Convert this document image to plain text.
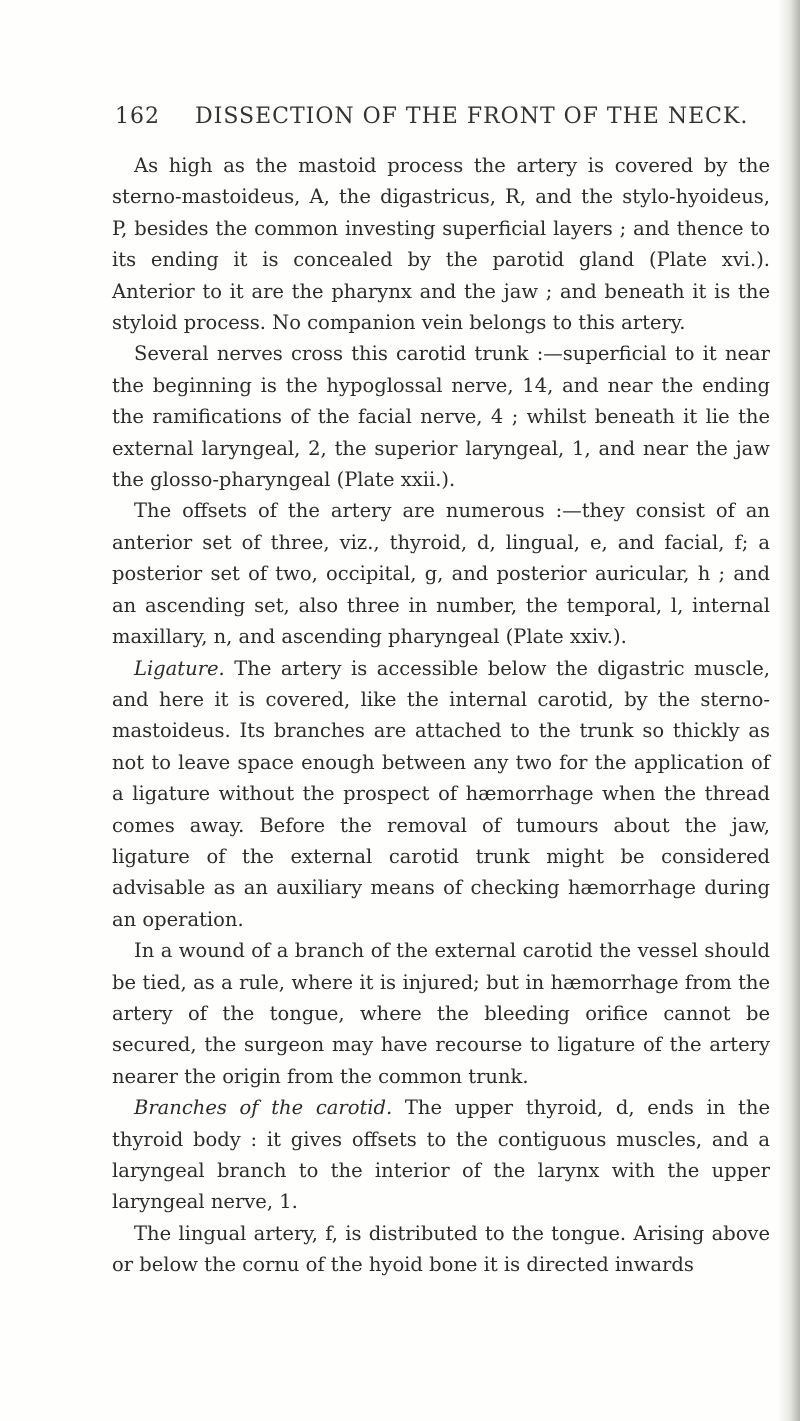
162 DISSECTION OF THE FRONT OF THE NECK.

As high as the mastoid process the artery is covered by the sterno-mastoideus, A, the digastricus, R, and the stylo-hyoideus, P, besides the common investing superficial layers ; and thence to its ending it is concealed by the parotid gland (Plate xvi.). Anterior to it are the pharynx and the jaw ; and beneath it is the styloid process. No companion vein belongs to this artery.

Several nerves cross this carotid trunk :—superficial to it near the beginning is the hypoglossal nerve, 14, and near the ending the ramifications of the facial nerve, 4 ; whilst beneath it lie the external laryngeal, 2, the superior laryngeal, 1, and near the jaw the glosso-pharyngeal (Plate xxii.).

The offsets of the artery are numerous :—they consist of an anterior set of three, viz., thyroid, d, lingual, e, and facial, f; a posterior set of two, occipital, g, and posterior auricular, h ; and an ascending set, also three in number, the temporal, l, internal maxillary, n, and ascending pharyngeal (Plate xxiv.).

Ligature. The artery is accessible below the digastric muscle, and here it is covered, like the internal carotid, by the sterno-mastoideus. Its branches are attached to the trunk so thickly as not to leave space enough between any two for the application of a ligature without the prospect of hæmorrhage when the thread comes away. Before the removal of tumours about the jaw, ligature of the external carotid trunk might be considered advisable as an auxiliary means of checking hæmorrhage during an operation.

In a wound of a branch of the external carotid the vessel should be tied, as a rule, where it is injured; but in hæmorrhage from the artery of the tongue, where the bleeding orifice cannot be secured, the surgeon may have recourse to ligature of the artery nearer the origin from the common trunk.

Branches of the carotid. The upper thyroid, d, ends in the thyroid body : it gives offsets to the contiguous muscles, and a laryngeal branch to the interior of the larynx with the upper laryngeal nerve, 1.

The lingual artery, f, is distributed to the tongue. Arising above or below the cornu of the hyoid bone it is directed inwards
